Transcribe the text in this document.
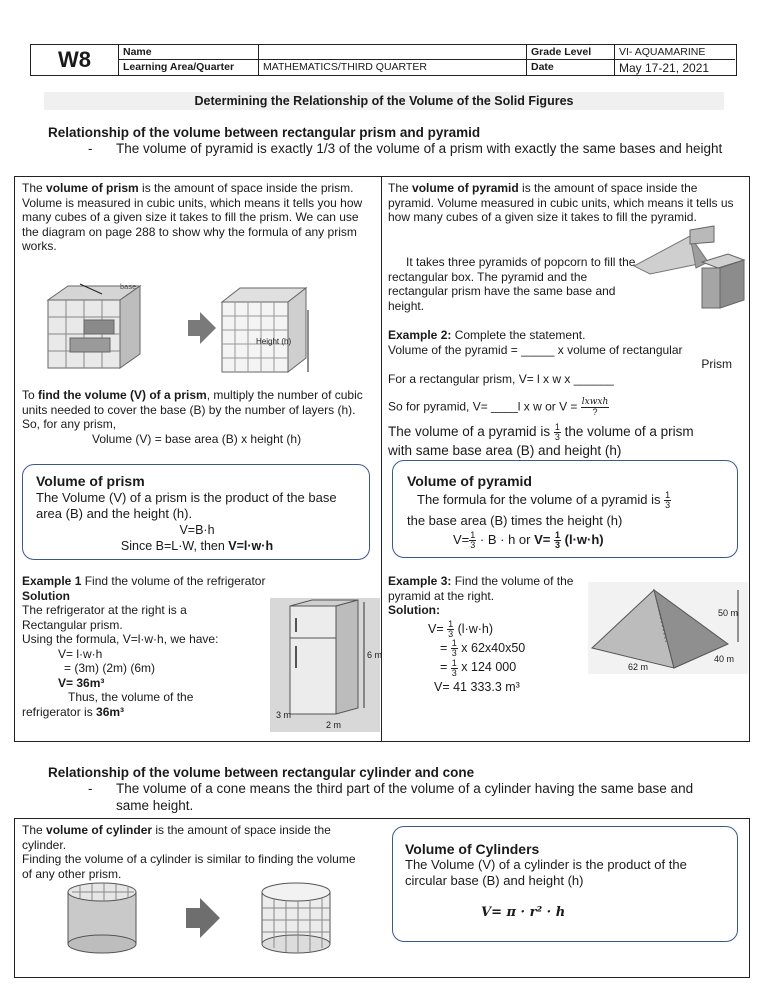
W8	Name
Learning Area/Quarter	MATHEMATICS/THIRD QUARTER
Grade Level
Date
VI- AQUAMARINE
May 17-21, 2021
Determining the Relationship of the Volume of the Solid Figures
Relationship of the volume between rectangular prism and pyramid
- The volume of pyramid is exactly 1/3 of the volume of a prism with exactly the same bases and height
The volume of prism is the amount of space inside the prism.
Volume is measured in cubic units, which means it tells you how many cubes of a given size it takes to fill the prism. We can use the diagram on page 288 to show why the formula of any prism works.
base
Height (h)
To find the volume (V) of a prism, multiply the number of cubic units needed to cover the base (B) by the number of layers (h).
So, for any prism,
Volume (V) = base area (B) x height (h)
Volume of prism
The Volume (V) of a prism is the product of the base area (B) and the height (h).
V=B·h
Since B=L·W, then V=l·w·h
Example 1 Find the volume of the refrigerator
Solution
The refrigerator at the right is a
Rectangular prism.
Using the formula, V=l·w·h, we have:
V= l·w·h
= (3m) (2m) (6m)
V= 36m³
Thus, the volume of the
refrigerator is 36m³
6 m
2 m
3 m
The volume of pyramid is the amount of space inside the pyramid. Volume measured in cubic units, which means it tells us how many cubes of a given size it takes to fill the pyramid.
It takes three pyramids of popcorn to fill the rectangular box. The pyramid and the rectangular prism have the same base and height.
Example 2: Complete the statement.
Volume of the pyramid = _____ x volume of rectangular

Prism
For a rectangular prism, V= l x w x ______
So for pyramid, V= ____l x w or $V = \frac{\text{lxwxh}}{?}$
The volume of a pyramid is $\frac{1}{3}$ the volume of a prism
with same base area (B) and height (h)
Volume of pyramid
The formula for the volume of a pyramid is $\frac{1}{3}$
the base area (B) times the height (h)
$V= \frac{1}{3} \cdot B \cdot h$ or $V= \frac{1}{3} (l\cdot w\cdot h)$
Example 3: Find the volume of the pyramid at the right.
Solution:
$V= \frac{1}{3} (l\cdot w\cdot h)$
= $\frac{1}{3}$ x 62x40x50
= $\frac{1}{3}$ x 124 000
V= 41 333.3 m³
50 m
62 m
40 m
Relationship of the volume between rectangular cylinder and cone
- The volume of a cone means the third part of the volume of a cylinder having the same base and same height.
The volume of cylinder is the amount of space inside the cylinder.
Finding the volume of a cylinder is similar to finding the volume of any other prism.
Volume of Cylinders
The Volume (V) of a cylinder is the product of the circular base (B) and height (h)
V= π · r² · h
